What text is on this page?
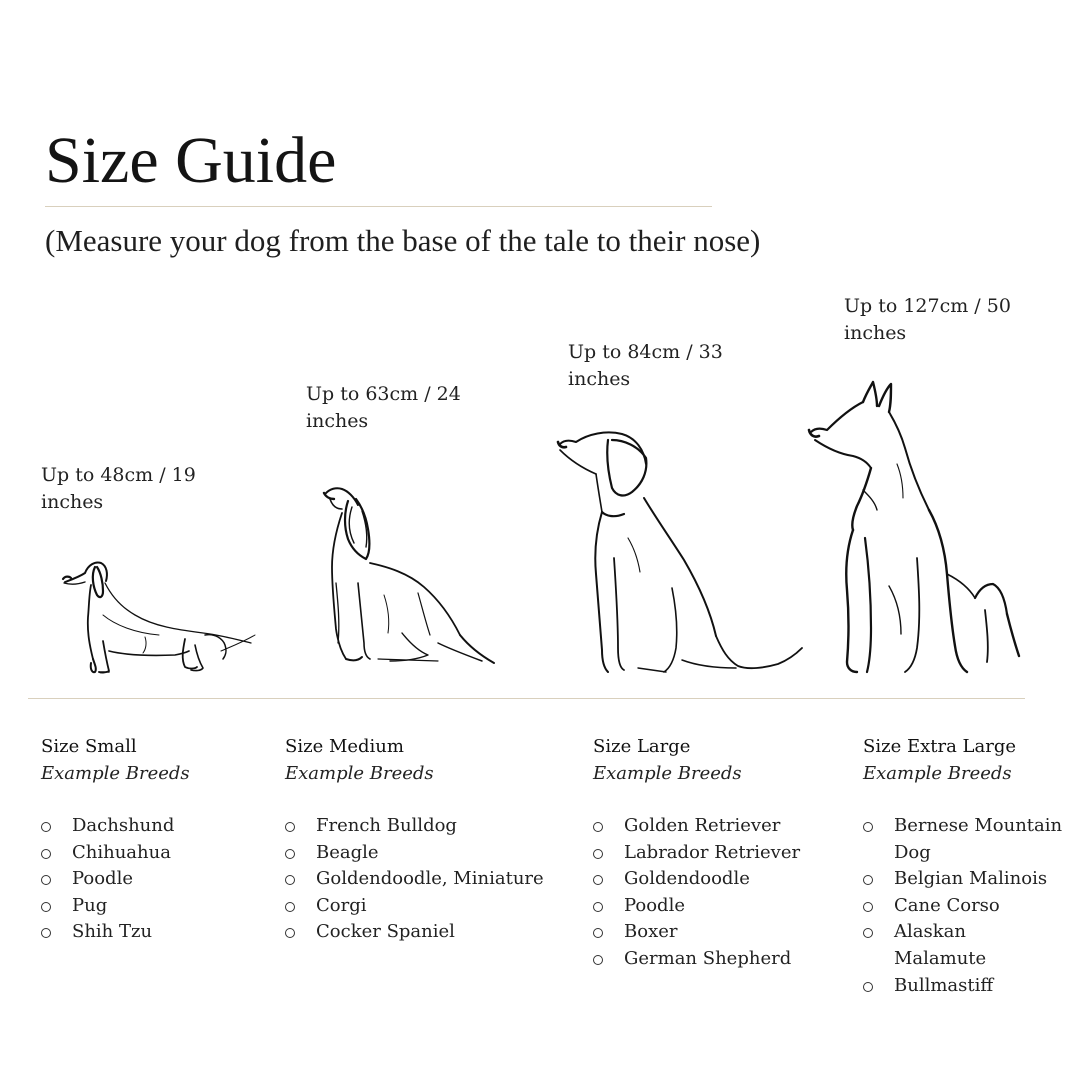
Size Guide
(Measure your dog from the base of the tale to their nose)
Up to 48cm / 19
inches
Up to 63cm / 24
inches
Up to 84cm / 33
inches
Up to 127cm / 50
inches
Size Small
Example Breeds
Dachshund
Chihuahua
Poodle
Pug
Shih Tzu
Size Medium
Example Breeds
French Bulldog
Beagle
Goldendoodle, Miniature
Corgi
Cocker Spaniel
Size Large
Example Breeds
Golden Retriever
Labrador Retriever
Goldendoodle
Poodle
Boxer
German Shepherd
Size Extra Large
Example Breeds
Bernese Mountain Dog
Belgian Malinois
Cane Corso
Alaskan Malamute
Bullmastiff
